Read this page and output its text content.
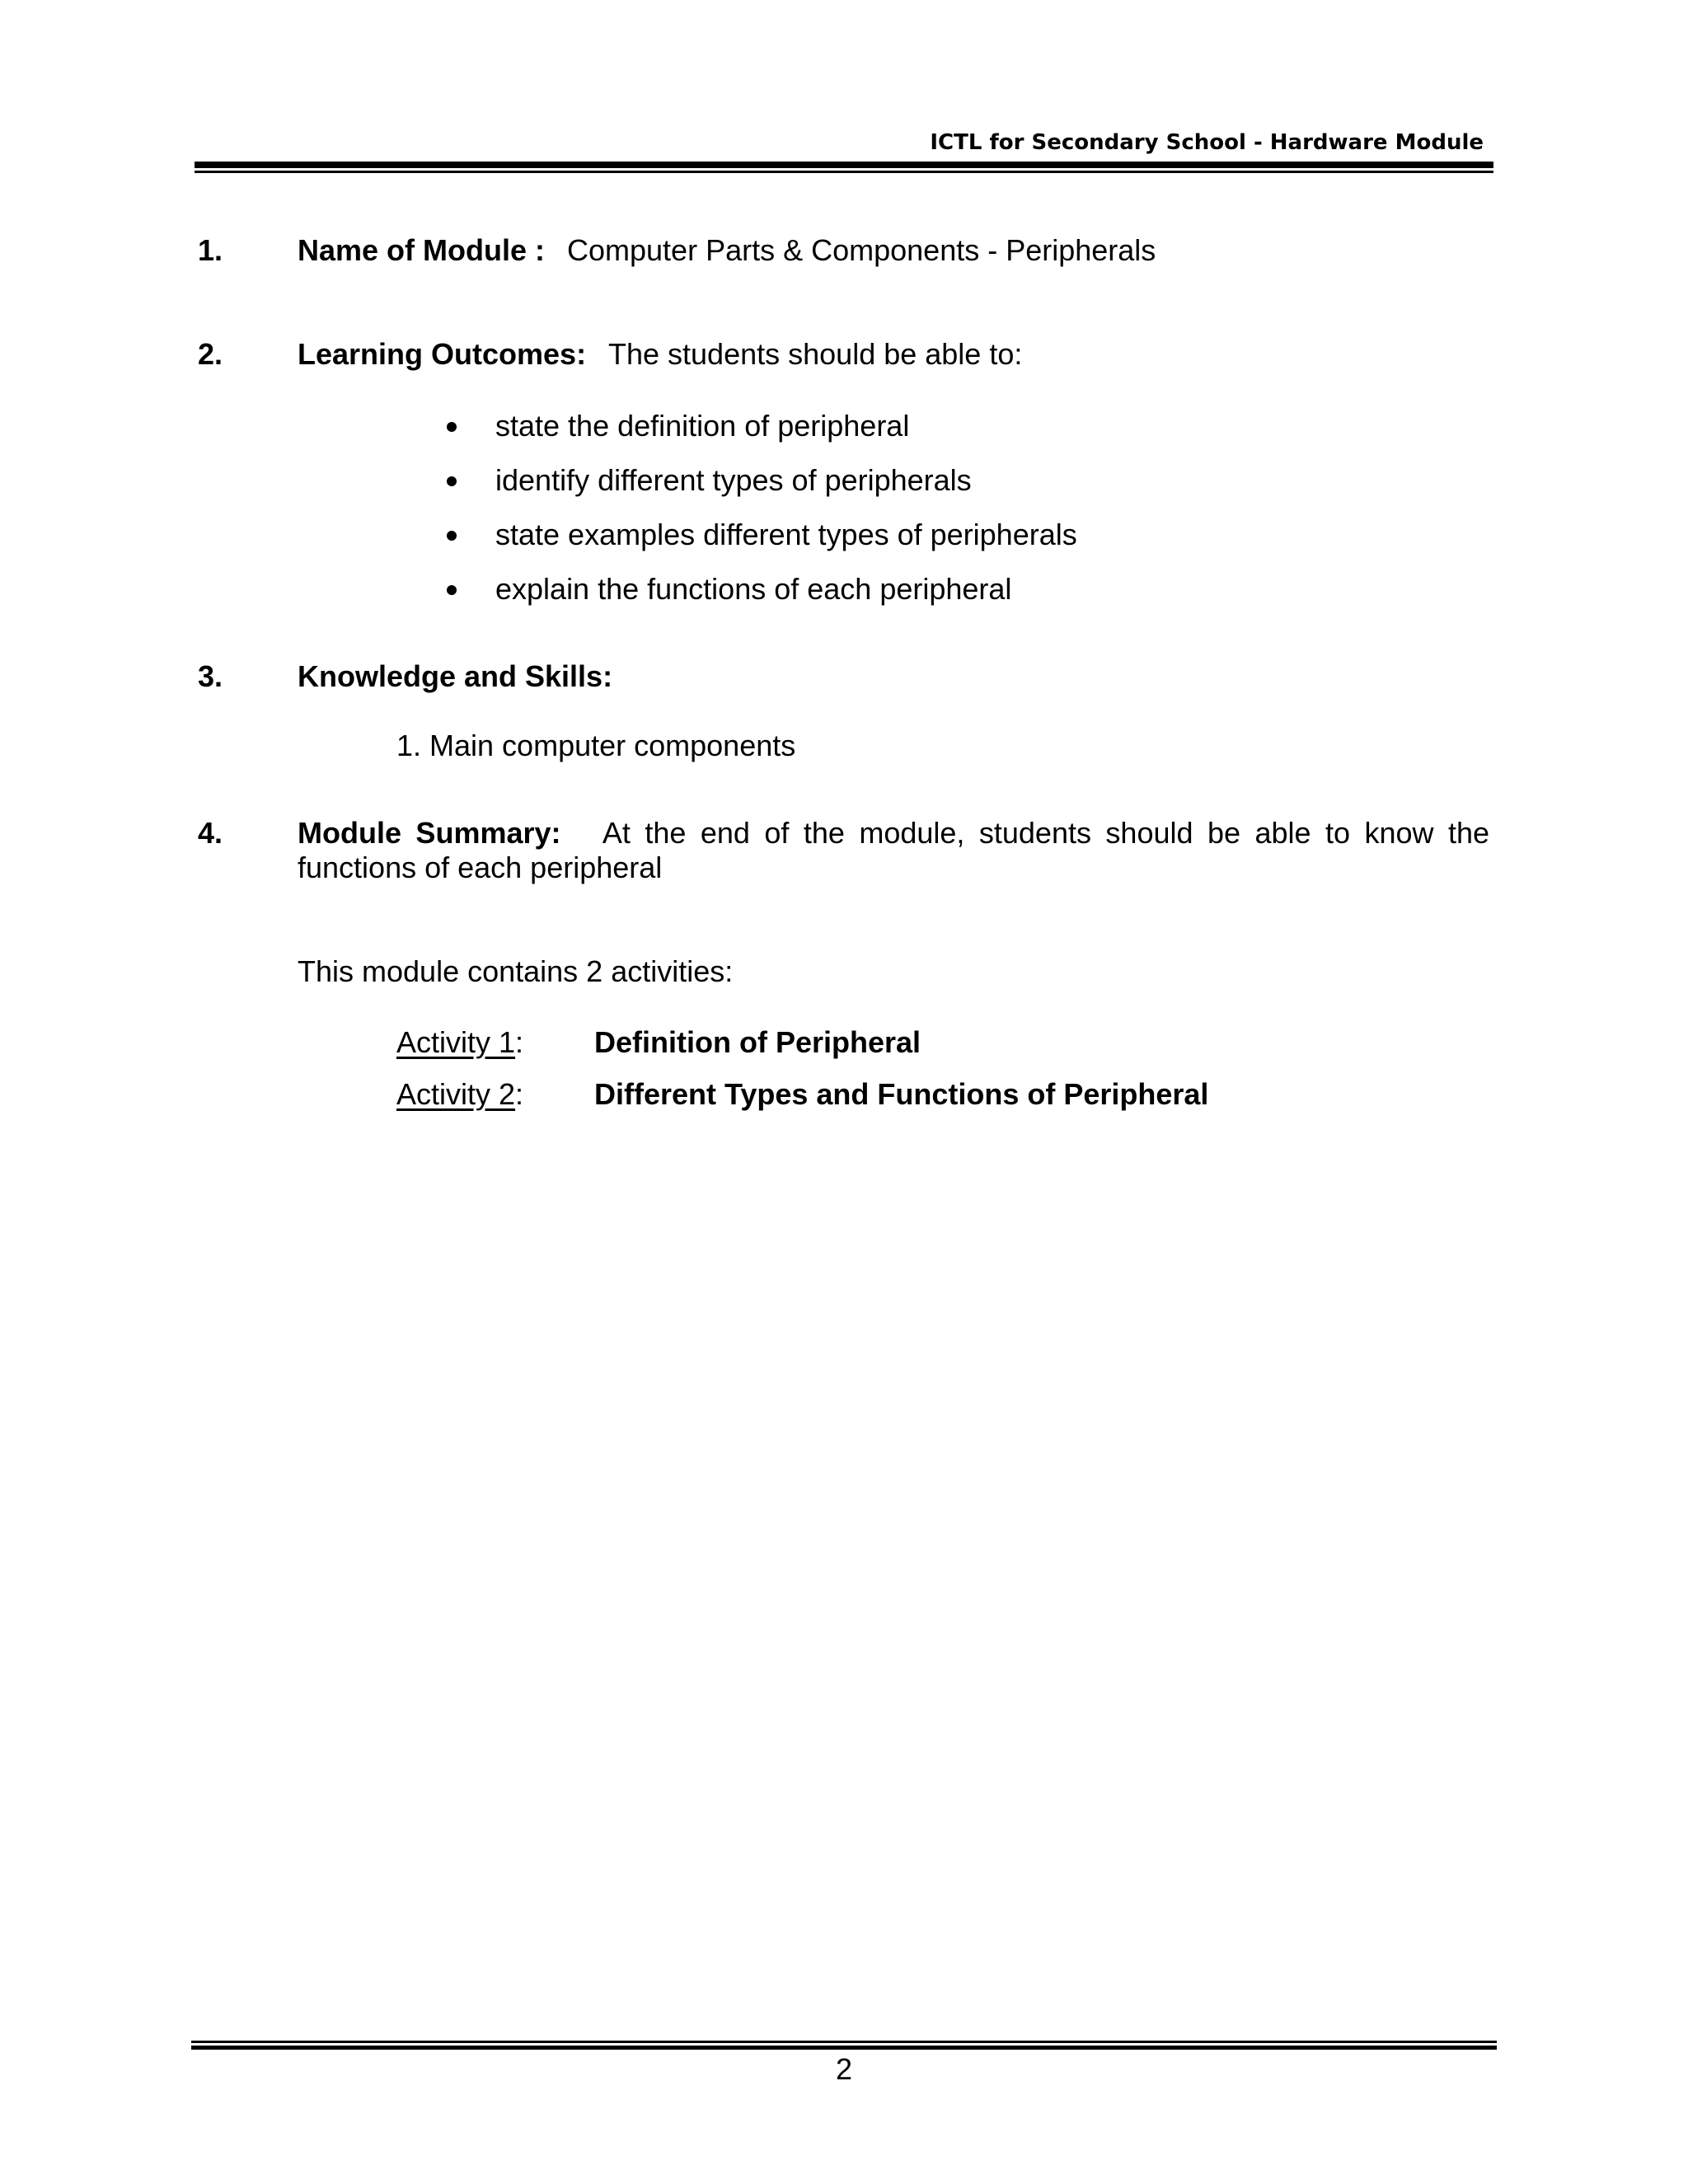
ICTL for Secondary School - Hardware Module
1.	Name of Module : Computer Parts & Components - Peripherals
2.	Learning Outcomes: The students should be able to:
state the definition of peripheral
identify different types of peripherals
state examples different types of peripherals
explain the functions of each peripheral
3.	Knowledge and Skills:
1. Main computer components
4.	Module Summary: At the end of the module, students should be able to know the functions of each peripheral
This module contains 2 activities:
Activity 1: Definition of Peripheral
Activity 2: Different Types and Functions of Peripheral
2
